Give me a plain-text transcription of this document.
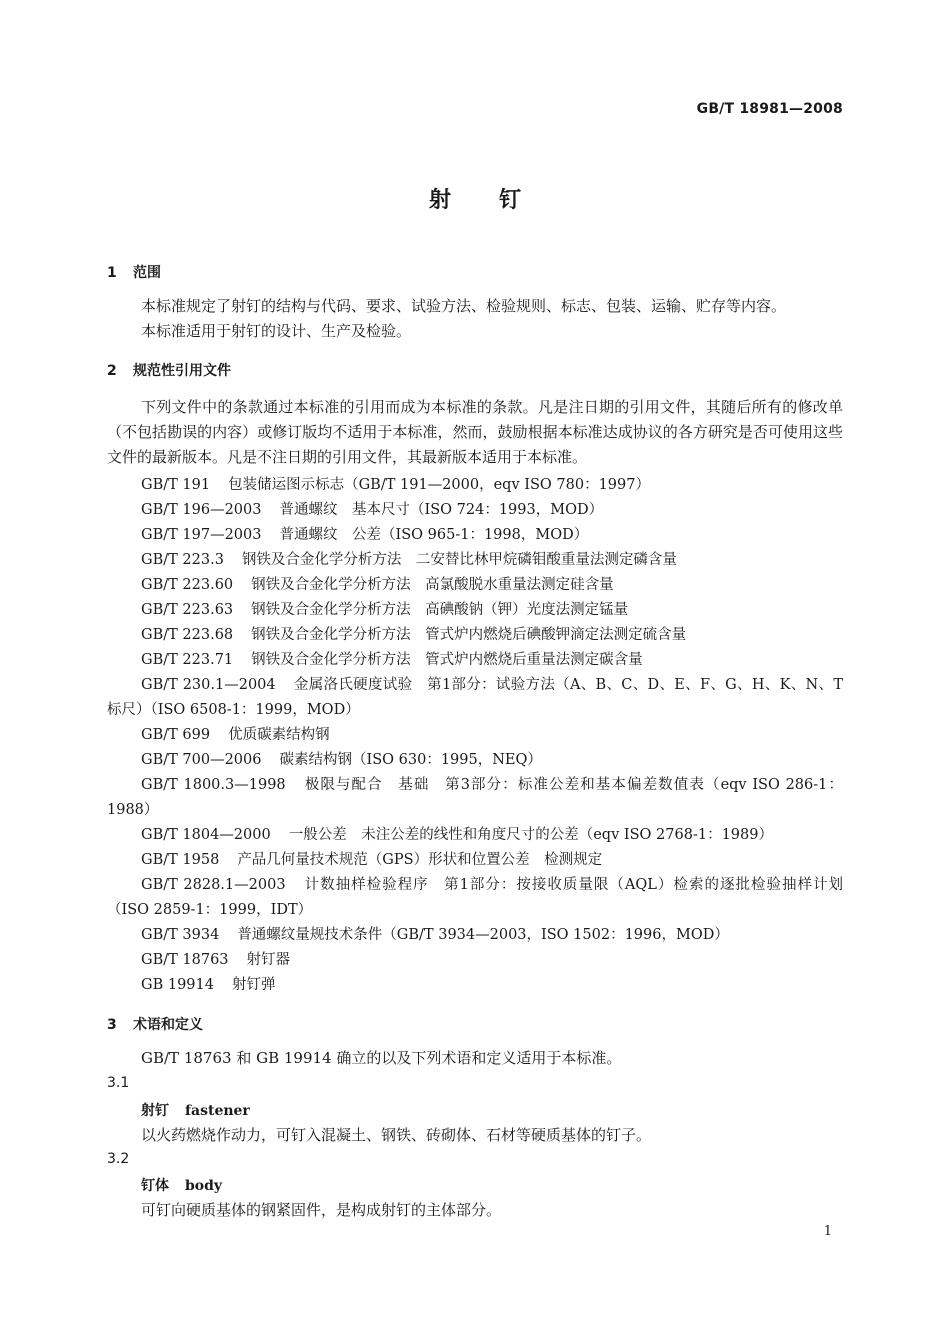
GB/T 18981—2008
射钉
1 范围
本标准规定了射钉的结构与代码、要求、试验方法、检验规则、标志、包装、运输、贮存等内容。
本标准适用于射钉的设计、生产及检验。
2 规范性引用文件
下列文件中的条款通过本标准的引用而成为本标准的条款。凡是注日期的引用文件，其随后所有的修改单（不包括勘误的内容）或修订版均不适用于本标准，然而，鼓励根据本标准达成协议的各方研究是否可使用这些文件的最新版本。凡是不注日期的引用文件，其最新版本适用于本标准。
GB/T 191 包装储运图示标志（GB/T 191—2000，eqv ISO 780：1997）
GB/T 196—2003 普通螺纹　基本尺寸（ISO 724：1993，MOD）
GB/T 197—2003 普通螺纹　公差（ISO 965-1：1998，MOD）
GB/T 223.3 钢铁及合金化学分析方法　二安替比林甲烷磷钼酸重量法测定磷含量
GB/T 223.60 钢铁及合金化学分析方法　高氯酸脱水重量法测定硅含量
GB/T 223.63 钢铁及合金化学分析方法　高碘酸钠（钾）光度法测定锰量
GB/T 223.68 钢铁及合金化学分析方法　管式炉内燃烧后碘酸钾滴定法测定硫含量
GB/T 223.71 钢铁及合金化学分析方法　管式炉内燃烧后重量法测定碳含量
GB/T 230.1—2004 金属洛氏硬度试验　第1部分：试验方法（A、B、C、D、E、F、G、H、K、N、T标尺）（ISO 6508-1：1999，MOD）
GB/T 699 优质碳素结构钢
GB/T 700—2006 碳素结构钢（ISO 630：1995，NEQ）
GB/T 1800.3—1998 极限与配合　基础　第3部分：标准公差和基本偏差数值表（eqv ISO 286-1：1988）
GB/T 1804—2000 一般公差　未注公差的线性和角度尺寸的公差（eqv ISO 2768-1：1989）
GB/T 1958 产品几何量技术规范（GPS）形状和位置公差　检测规定
GB/T 2828.1—2003 计数抽样检验程序　第1部分：按接收质量限（AQL）检索的逐批检验抽样计划（ISO 2859-1：1999，IDT）
GB/T 3934 普通螺纹量规技术条件（GB/T 3934—2003，ISO 1502：1996，MOD）
GB/T 18763 射钉器
GB 19914 射钉弹
3 术语和定义
GB/T 18763 和 GB 19914 确立的以及下列术语和定义适用于本标准。
3.1
射钉 fastener
以火药燃烧作动力，可钉入混凝土、钢铁、砖砌体、石材等硬质基体的钉子。
3.2
钉体 body
可钉向硬质基体的钢紧固件，是构成射钉的主体部分。
1
